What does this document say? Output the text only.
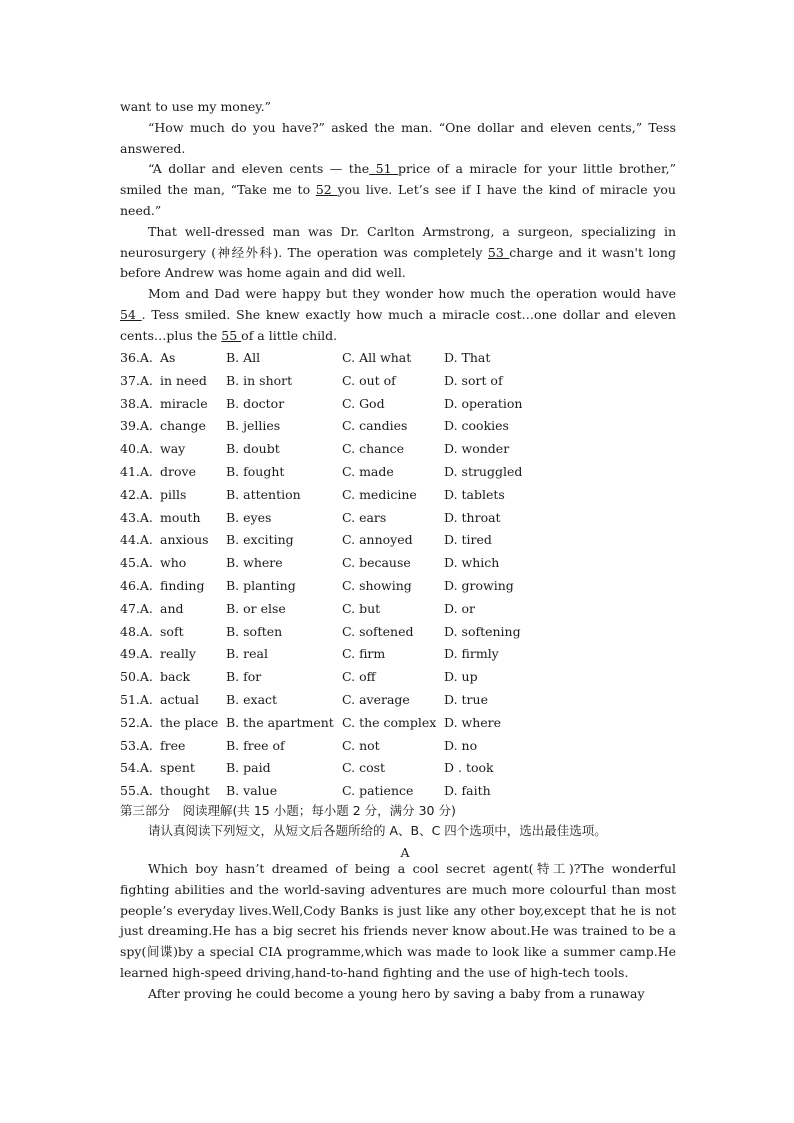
want to use my money.”

“How much do you have?” asked the man. “One dollar and eleven cents,” Tess answered.

“A dollar and eleven cents — the 51 price of a miracle for your little brother,” smiled the man, “Take me to 52 you live. Let’s see if I have the kind of miracle you need.”

That well-dressed man was Dr. Carlton Armstrong, a surgeon, specializing in neurosurgery (神经外科). The operation was completely 53 charge and it wasn't long before Andrew was home again and did well.

Mom and Dad were happy but they wonder how much the operation would have 54 . Tess smiled. She knew exactly how much a miracle cost…one dollar and eleven cents…plus the 55 of a little child.

36.A. As	B. All	C. All what	D. That
37.A. in need	B. in short	C. out of	D. sort of
38.A. miracle	B. doctor	C. God	D. operation
39.A. change	B. jellies	C. candies	D. cookies
40.A. way	B. doubt	C. chance	D. wonder
41.A. drove	B. fought	C. made	D. struggled
42.A. pills	B. attention	C. medicine	D. tablets
43.A. mouth	B. eyes	C. ears	D. throat
44.A. anxious	B. exciting	C. annoyed	D. tired
45.A. who	B. where	C. because	D. which
46.A. finding	B. planting	C. showing	D. growing
47.A. and	B. or else	C. but	D. or
48.A. soft	B. soften	C. softened	D. softening
49.A. really	B. real	C. firm	D. firmly
50.A. back	B. for	C. off	D. up
51.A. actual	B. exact	C. average	D. true
52.A. the place B. the apartment C. the complex D. where
53.A. free	B. free of	C. not	D. no
54.A. spent	B. paid	C. cost	D . took
55.A. thought	B. value	C. patience	D. faith

第三部分　阅读理解(共 15 小题；每小题 2 分，满分 30 分)

请认真阅读下列短文，从短文后各题所给的 A、B、C 四个选项中，选出最佳选项。

A

Which boy hasn’t dreamed of being a cool secret agent(特工)?The wonderful fighting abilities and the world-saving adventures are much more colourful than most people’s everyday lives.Well,Cody Banks is just like any other boy,except that he is not just dreaming.He has a big secret his friends never know about.He was trained to be a spy(间谍)by a special CIA programme,which was made to look like a summer camp.He learned high-speed driving,hand-to-hand fighting and the use of high-tech tools.

After proving he could become a young hero by saving a baby from a runaway
